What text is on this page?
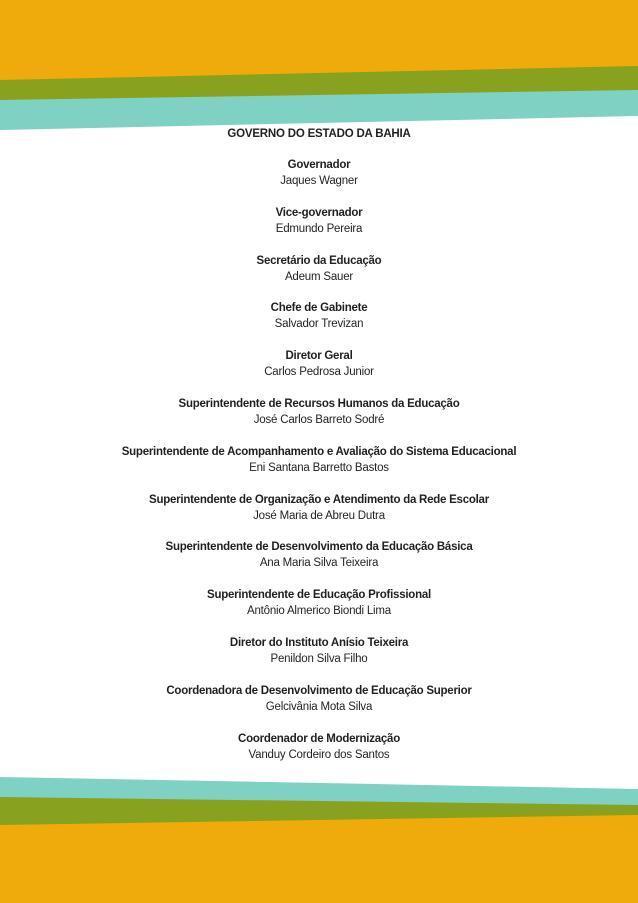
GOVERNO DO ESTADO DA BAHIA
Governador
Jaques Wagner
Vice-governador
Edmundo Pereira
Secretário da Educação
Adeum Sauer
Chefe de Gabinete
Salvador Trevizan
Diretor Geral
Carlos Pedrosa Junior
Superintendente de Recursos Humanos da Educação
José Carlos Barreto Sodré
Superintendente de Acompanhamento e Avaliação do Sistema Educacional
Eni Santana Barretto Bastos
Superintendente de Organização e Atendimento da Rede Escolar
José Maria de Abreu Dutra
Superintendente de Desenvolvimento da Educação Básica
Ana Maria Silva Teixeira
Superintendente de Educação Profissional
Antônio Almerico Biondi Lima
Diretor do Instituto Anísio Teixeira
Penildon Silva Filho
Coordenadora de Desenvolvimento de Educação Superior
Gelcivânia Mota Silva
Coordenador de Modernização
Vanduy Cordeiro dos Santos
